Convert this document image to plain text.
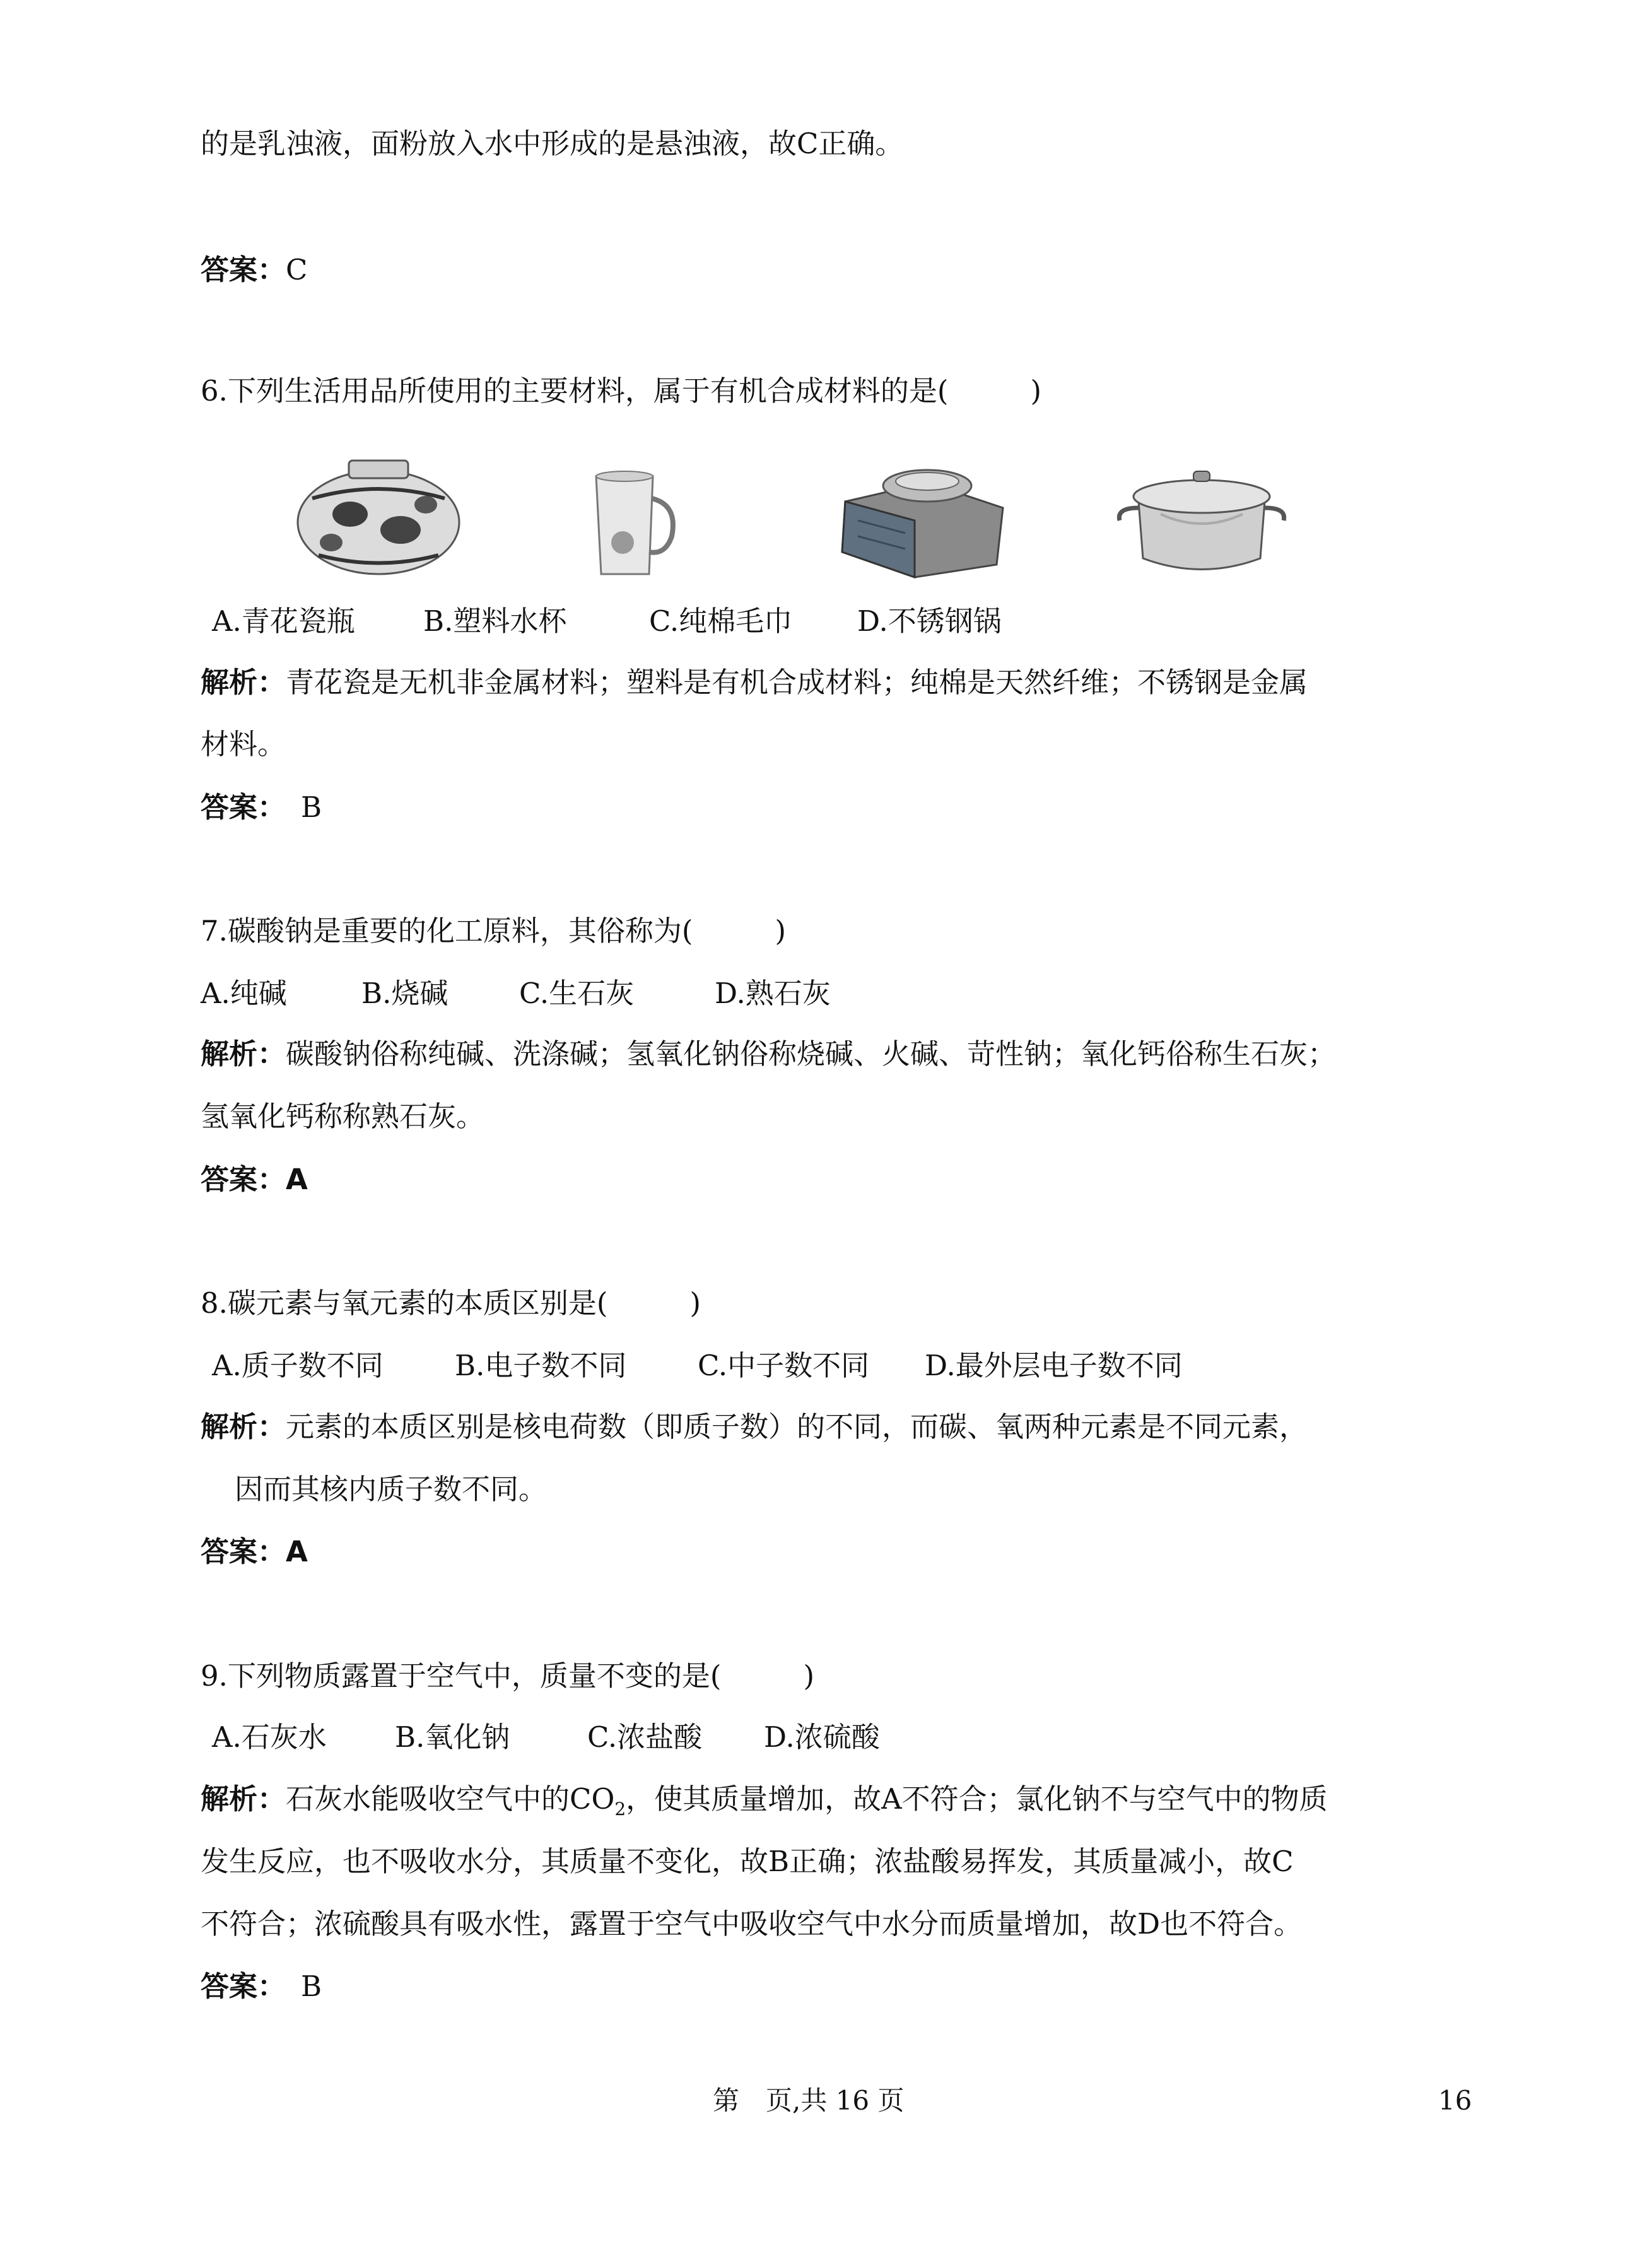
的是乳浊液，面粉放入水中形成的是悬浊液，故C正确。

答案：C

6.下列生活用品所使用的主要材料，属于有机合成材料的是(	)

A.青花瓷瓶 B.塑料水杯	C.纯棉毛巾 D.不锈钢锅

解析：青花瓷是无机非金属材料；塑料是有机合成材料；纯棉是天然纤维；不锈钢是金属

材料。

答案： B

7.碳酸钠是重要的化工原料，其俗称为(	)

A.纯碱	B.烧碱	C.生石灰	D.熟石灰

解析：碳酸钠俗称纯碱、洗涤碱；氢氧化钠俗称烧碱、火碱、苛性钠；氧化钙俗称生石灰；

氢氧化钙称称熟石灰。

答案：A

8.碳元素与氧元素的本质区别是(	)

A.质子数不同	B.电子数不同	C.中子数不同 D.最外层电子数不同

解析：元素的本质区别是核电荷数（即质子数）的不同，而碳、氧两种元素是不同元素，

因而其核内质子数不同。

答案：A

9.下列物质露置于空气中，质量不变的是(	)

A.石灰水 B.氧化钠	C.浓盐酸 D.浓硫酸

解析：石灰水能吸收空气中的$CO_2$，使其质量增加，故A不符合；氯化钠不与空气中的物质

发生反应，也不吸收水分，其质量不变化，故B正确；浓盐酸易挥发，其质量减小，故C

不符合；浓硫酸具有吸水性，露置于空气中吸收空气中水分而质量增加，故D也不符合。

答案： B

第　页,共 16 页	16
